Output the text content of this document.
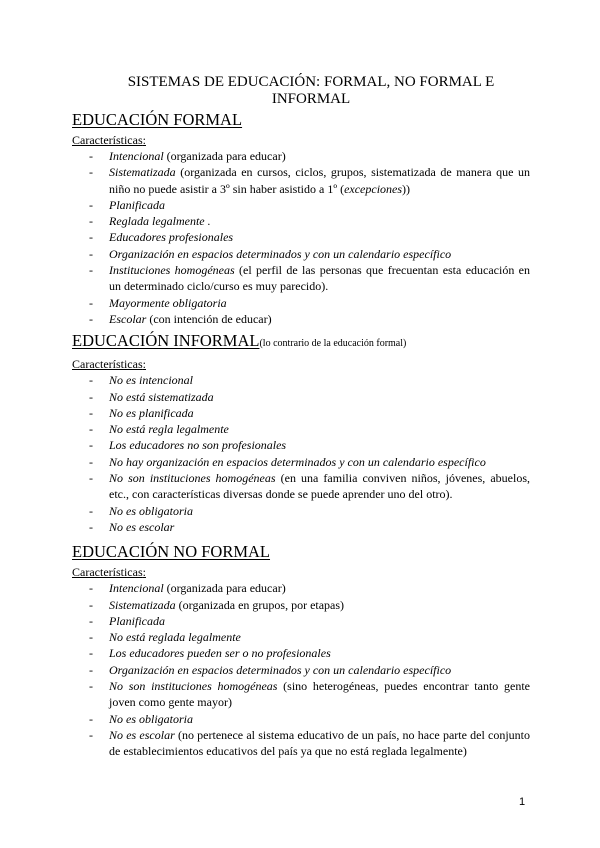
SISTEMAS DE EDUCACIÓN: FORMAL, NO FORMAL E INFORMAL
EDUCACIÓN FORMAL
Características:
-	Intencional (organizada para educar)
-	Sistematizada (organizada en cursos, ciclos, grupos, sistematizada de manera que un niño no puede asistir a 3º sin haber asistido a 1º (excepciones))
-	Planificada
-	Reglada legalmente .
-	Educadores profesionales
-	Organización en espacios determinados y con un calendario específico
-	Instituciones homogéneas (el perfil de las personas que frecuentan esta educación en un determinado ciclo/curso es muy parecido).
-	Mayormente obligatoria
-	Escolar (con intención de educar)
EDUCACIÓN INFORMAL(lo contrario de la educación formal)
Características:
-	No es intencional
-	No está sistematizada
-	No es planificada
-	No está regla legalmente
-	Los educadores no son profesionales
-	No hay organización en espacios determinados y con un calendario específico
-	No son instituciones homogéneas (en una familia conviven niños, jóvenes, abuelos, etc., con características diversas donde se puede aprender uno del otro).
-	No es obligatoria
-	No es escolar
EDUCACIÓN NO FORMAL
Características:
-	Intencional (organizada para educar)
-	Sistematizada (organizada en grupos, por etapas)
-	Planificada
-	No está reglada legalmente
-	Los educadores pueden ser o no profesionales
-	Organización en espacios determinados y con un calendario específico
-	No son instituciones homogéneas (sino heterogéneas, puedes encontrar tanto gente joven como gente mayor)
-	No es obligatoria
-	No es escolar (no pertenece al sistema educativo de un país, no hace parte del conjunto de establecimientos educativos del país ya que no está reglada legalmente)
1
